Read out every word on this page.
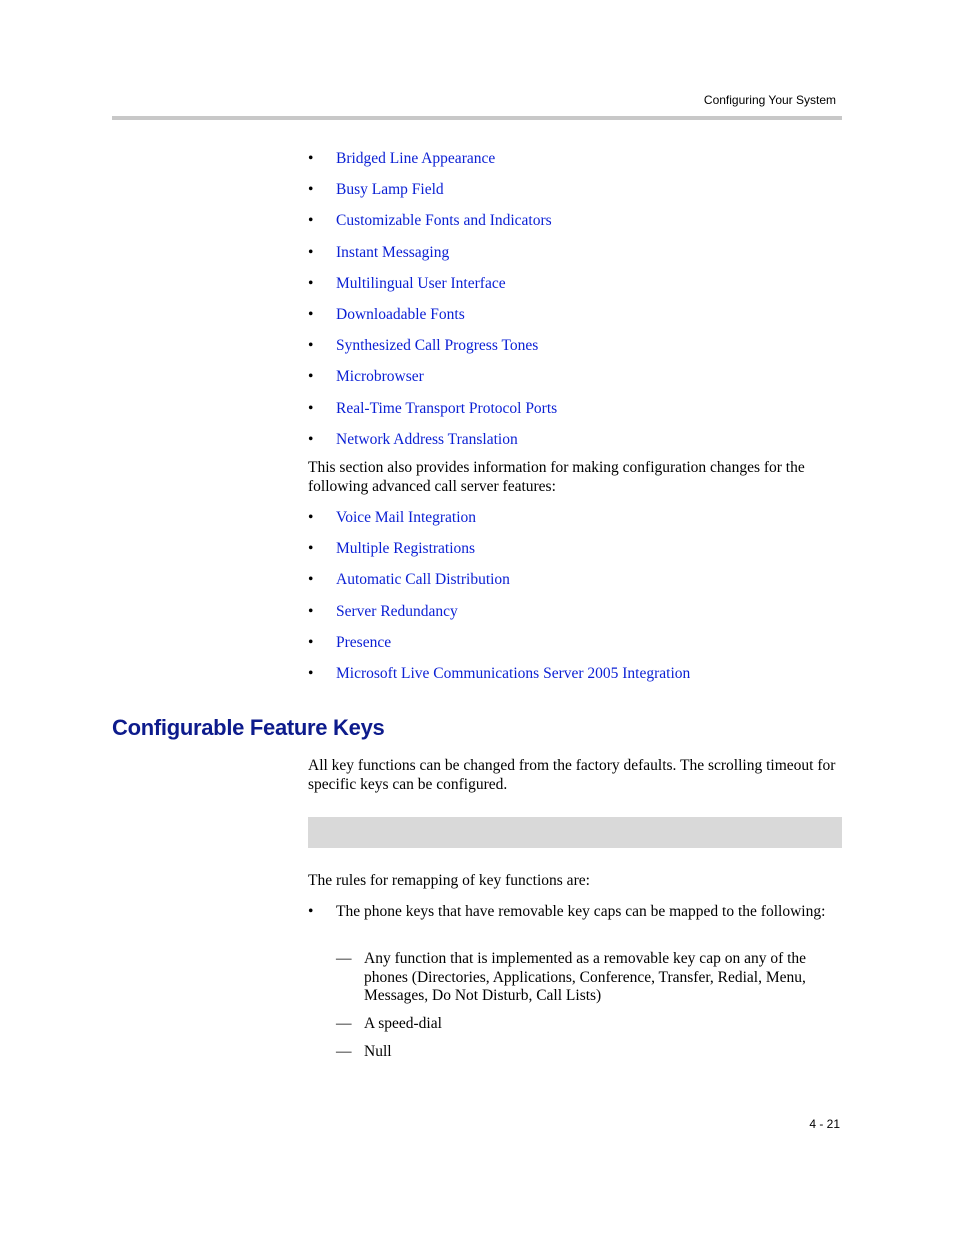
Configuring Your System
• Bridged Line Appearance
• Busy Lamp Field
• Customizable Fonts and Indicators
• Instant Messaging
• Multilingual User Interface
• Downloadable Fonts
• Synthesized Call Progress Tones
• Microbrowser
• Real-Time Transport Protocol Ports
• Network Address Translation

This section also provides information for making configuration changes for the following advanced call server features:

• Voice Mail Integration
• Multiple Registrations
• Automatic Call Distribution
• Server Redundancy
• Presence
• Microsoft Live Communications Server 2005 Integration
Configurable Feature Keys

All key functions can be changed from the factory defaults. The scrolling timeout for specific keys can be configured.

The rules for remapping of key functions are:

•	The phone keys that have removable key caps can be mapped to the following:
— Any function that is implemented as a removable key cap on any of the phones (Directories, Applications, Conference, Transfer, Redial, Menu, Messages, Do Not Disturb, Call Lists)
— A speed-dial
— Null
4 - 21
